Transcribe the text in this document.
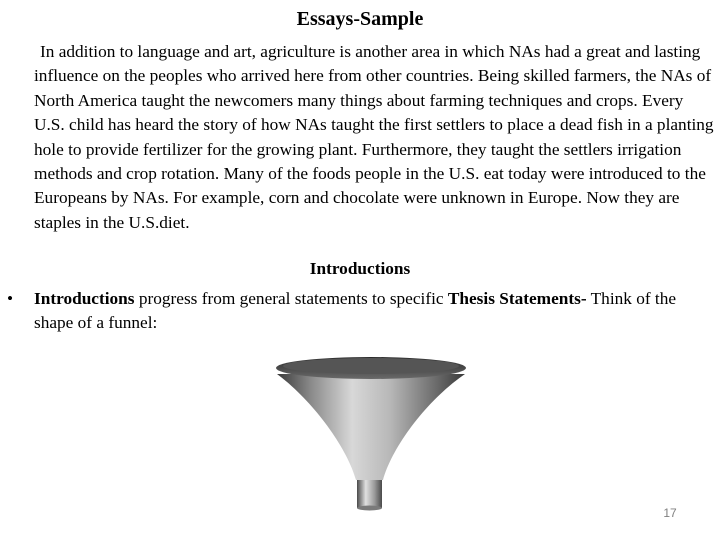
Essays-Sample
In addition to language and art, agriculture is another area in which NAs had a great and lasting influence on the peoples who arrived here from other countries. Being skilled farmers, the NAs of North America taught the newcomers many things about farming techniques and crops. Every U.S. child has heard the story of how NAs taught the first settlers to place a dead fish in a planting hole to provide fertilizer for the growing plant. Furthermore, they taught the settlers irrigation methods and crop rotation. Many of the foods people in the U.S. eat today were introduced to the Europeans by NAs. For example, corn and chocolate were unknown in Europe. Now they are staples in the U.S.diet.
Introductions
• Introductions progress from general statements to specific Thesis Statements- Think of the shape of a funnel:
17
